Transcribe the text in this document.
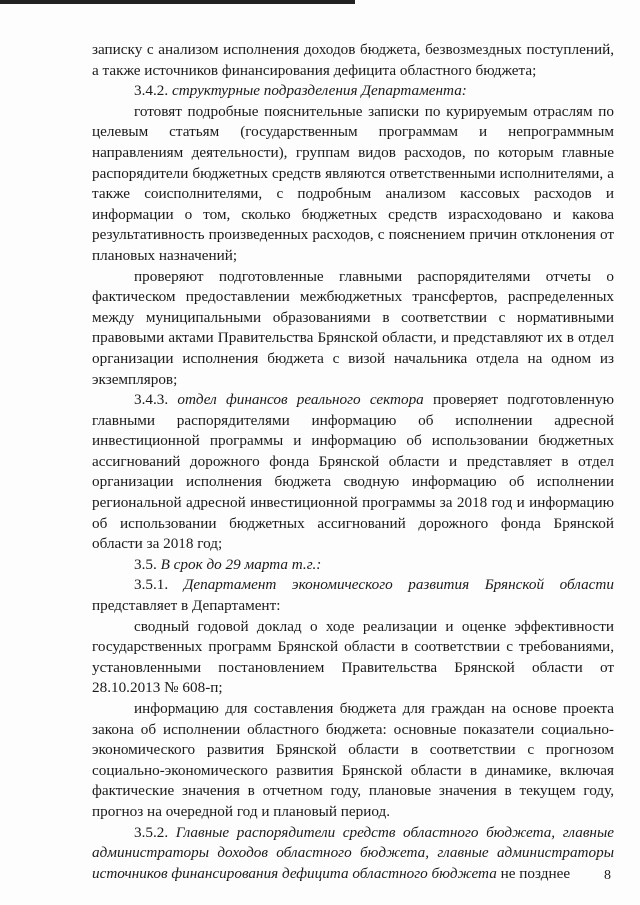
записку с анализом исполнения доходов бюджета, безвозмездных поступлений, а также источников финансирования дефицита областного бюджета;

3.4.2. структурные подразделения Департамента:

готовят подробные пояснительные записки по курируемым отраслям по целевым статьям (государственным программам и непрограммным направлениям деятельности), группам видов расходов, по которым главные распорядители бюджетных средств являются ответственными исполнителями, а также соисполнителями, с подробным анализом кассовых расходов и информации о том, сколько бюджетных средств израсходовано и какова результативность произведенных расходов, с пояснением причин отклонения от плановых назначений;

проверяют подготовленные главными распорядителями отчеты о фактическом предоставлении межбюджетных трансфертов, распределенных между муниципальными образованиями в соответствии с нормативными правовыми актами Правительства Брянской области, и представляют их в отдел организации исполнения бюджета с визой начальника отдела на одном из экземпляров;

3.4.3. отдел финансов реального сектора проверяет подготовленную главными распорядителями информацию об исполнении адресной инвестиционной программы и информацию об использовании бюджетных ассигнований дорожного фонда Брянской области и представляет в отдел организации исполнения бюджета сводную информацию об исполнении региональной адресной инвестиционной программы за 2018 год и информацию об использовании бюджетных ассигнований дорожного фонда Брянской области за 2018 год;

3.5. В срок до 29 марта т.г.:

3.5.1. Департамент экономического развития Брянской области представляет в Департамент:

сводный годовой доклад о ходе реализации и оценке эффективности государственных программ Брянской области в соответствии с требованиями, установленными постановлением Правительства Брянской области от 28.10.2013 № 608-п;

информацию для составления бюджета для граждан на основе проекта закона об исполнении областного бюджета: основные показатели социально-экономического развития Брянской области в соответствии с прогнозом социально-экономического развития Брянской области в динамике, включая фактические значения в отчетном году, плановые значения в текущем году, прогноз на очередной год и плановый период.

3.5.2. Главные распорядители средств областного бюджета, главные администраторы доходов областного бюджета, главные администраторы источников финансирования дефицита областного бюджета не позднее	8
